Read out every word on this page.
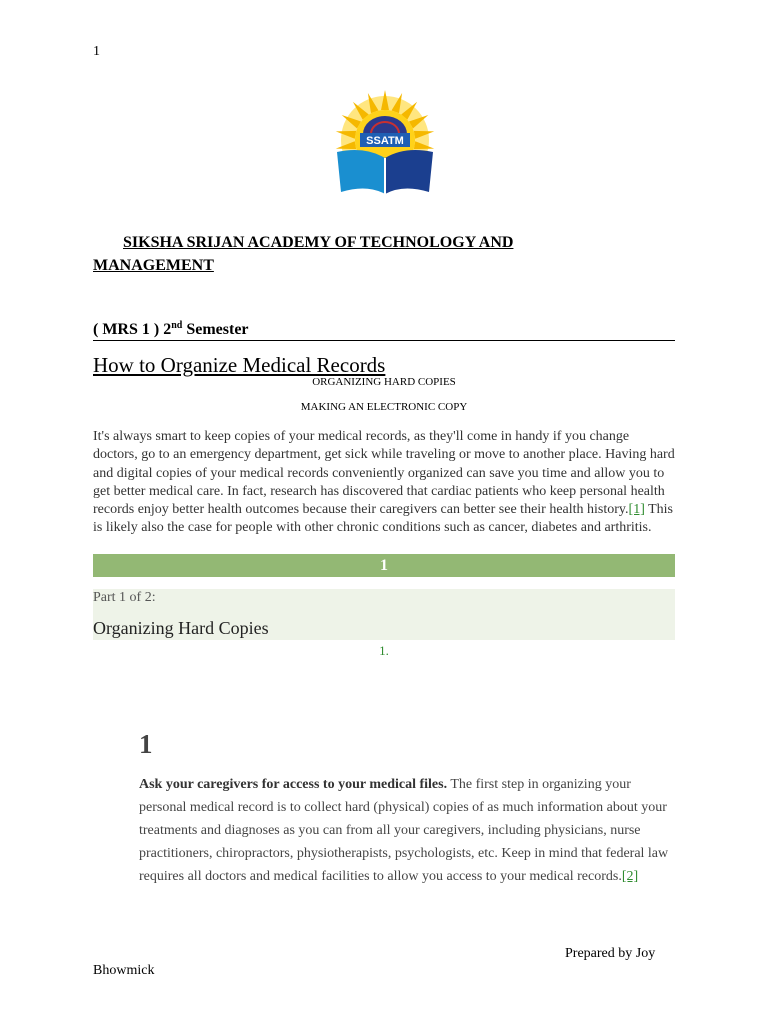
1
SSATM
SIKSHA SRIJAN ACADEMY OF TECHNOLOGY AND
MANAGEMENT
( MRS 1 ) 2nd Semester
How to Organize Medical Records
ORGANIZING HARD COPIES
MAKING AN ELECTRONIC COPY
It's always smart to keep copies of your medical records, as they'll come in handy if you change doctors, go to an emergency department, get sick while traveling or move to another place. Having hard and digital copies of your medical records conveniently organized can save you time and allow you to get better medical care. In fact, research has discovered that cardiac patients who keep personal health records enjoy better health outcomes because their caregivers can better see their health history.[1] This is likely also the case for people with other chronic conditions such as cancer, diabetes and arthritis.
1
Part 1 of 2:
Organizing Hard Copies
1.
1
Ask your caregivers for access to your medical files. The first step in organizing your personal medical record is to collect hard (physical) copies of as much information about your treatments and diagnoses as you can from all your caregivers, including physicians, nurse practitioners, chiropractors, physiotherapists, psychologists, etc. Keep in mind that federal law requires all doctors and medical facilities to allow you access to your medical records.[2]
Prepared by Joy
Bhowmick
